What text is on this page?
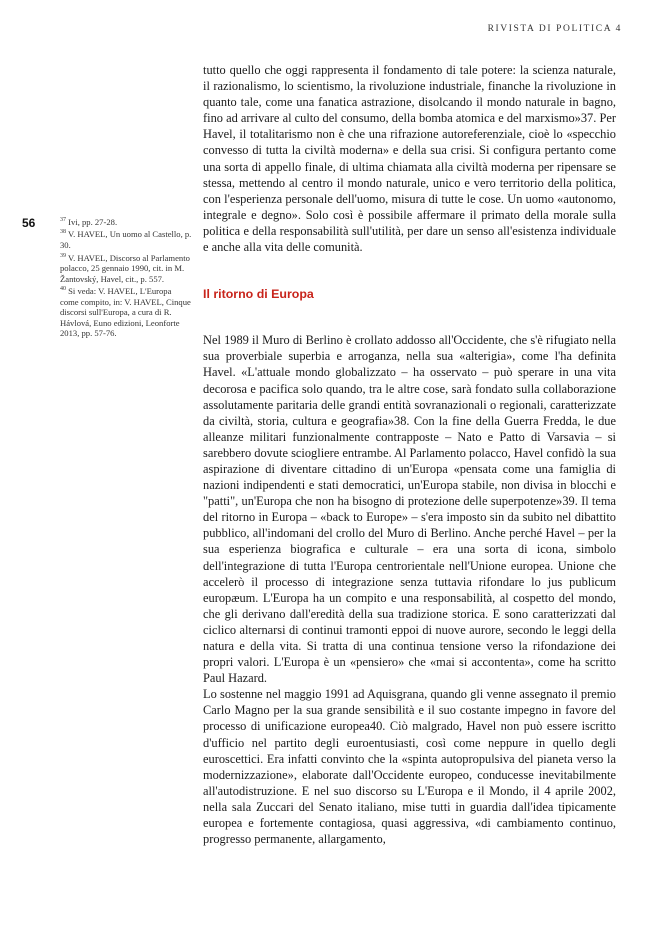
RIVISTA DI POLITICA 4
56	$^{37}$ Ivi, pp. 27-28.

$^{38}$ V. HAVEL, Un uomo al Castello, p. 30.

$^{39}$ V. HAVEL, Discorso al Parlamento polacco, 25 gennaio 1990, cit. in M. Žantovský, Havel, cit., p. 557.

$^{40}$ Si veda: V. HAVEL, L'Europa come compito, in: V. HAVEL, Cinque discorsi sull'Europa, a cura di R. Hávlová, Euno edizioni, Leonforte 2013, pp. 57-76.

tutto quello che oggi rappresenta il fondamento di tale potere: la scienza naturale, il razionalismo, lo scientismo, la rivoluzione industriale, finanche la rivoluzione in quanto tale, come una fanatica astrazione, disolcando il mondo naturale in bagno, fino ad arrivare al culto del consumo, della bomba atomica e del marxismo»37. Per Havel, il totalitarismo non è che una rifrazione autoreferenziale, cioè lo «specchio convesso di tutta la civiltà moderna» e della sua crisi. Si configura pertanto come una sorta di appello finale, di ultima chiamata alla civiltà moderna per ripensare se stessa, mettendo al centro il mondo naturale, unico e vero territorio della politica, con l'esperienza personale dell'uomo, misura di tutte le cose. Un uomo «autonomo, integrale e degno». Solo così è possibile affermare il primato della morale sulla politica e della responsabilità sull'utilità, per dare un senso all'esistenza individuale e anche alla vita delle comunità.

Il ritorno di Europa

Nel 1989 il Muro di Berlino è crollato addosso all'Occidente, che s'è rifugiato nella sua proverbiale superbia e arroganza, nella sua «alterigia», come l'ha definita Havel. «L'attuale mondo globalizzato – ha osservato – può sperare in una vita decorosa e pacifica solo quando, tra le altre cose, sarà fondato sulla collaborazione assolutamente paritaria delle grandi entità sovranazionali o regionali, caratterizzate da civiltà, storia, cultura e geografia»38. Con la fine della Guerra Fredda, le due alleanze militari funzionalmente contrapposte – Nato e Patto di Varsavia – si sarebbero dovute sciogliere entrambe. Al Parlamento polacco, Havel confidò la sua aspirazione di diventare cittadino di un'Europa «pensata come una famiglia di nazioni indipendenti e stati democratici, un'Europa stabile, non divisa in blocchi e "patti", un'Europa che non ha bisogno di protezione delle superpotenze»39. Il tema del ritorno in Europa – «back to Europe» – s'era imposto sin da subito nel dibattito pubblico, all'indomani del crollo del Muro di Berlino. Anche perché Havel – per la sua esperienza biografica e culturale – era una sorta di icona, simbolo dell'integrazione di tutta l'Europa centrorientale nell'Unione europea. Unione che accelerò il processo di integrazione senza tuttavia rifondare lo jus publicum europæum. L'Europa ha un compito e una responsabilità, al cospetto del mondo, che gli derivano dall'eredità della sua tradizione storica. E sono caratterizzati dal ciclico alternarsi di continui tramonti eppoi di nuove aurore, secondo le leggi della natura e della vita. Si tratta di una continua tensione verso la rifondazione dei propri valori. L'Europa è un «pensiero» che «mai si accontenta», come ha scritto Paul Hazard.

Lo sostenne nel maggio 1991 ad Aquisgrana, quando gli venne assegnato il premio Carlo Magno per la sua grande sensibilità e il suo costante impegno in favore del processo di unificazione europea40. Ciò malgrado, Havel non può essere iscritto d'ufficio nel partito degli euroentusiasti, così come neppure in quello degli euroscettici. Era infatti convinto che la «spinta autopropulsiva del pianeta verso la modernizzazione», elaborate dall'Occidente europeo, conducesse inevitabilmente all'autodistruzione. E nel suo discorso su L'Europa e il Mondo, il 4 aprile 2002, nella sala Zuccari del Senato italiano, mise tutti in guardia dall'idea tipicamente europea e fortemente contagiosa, quasi aggressiva, «di cambiamento continuo, progresso permanente, allargamento,
